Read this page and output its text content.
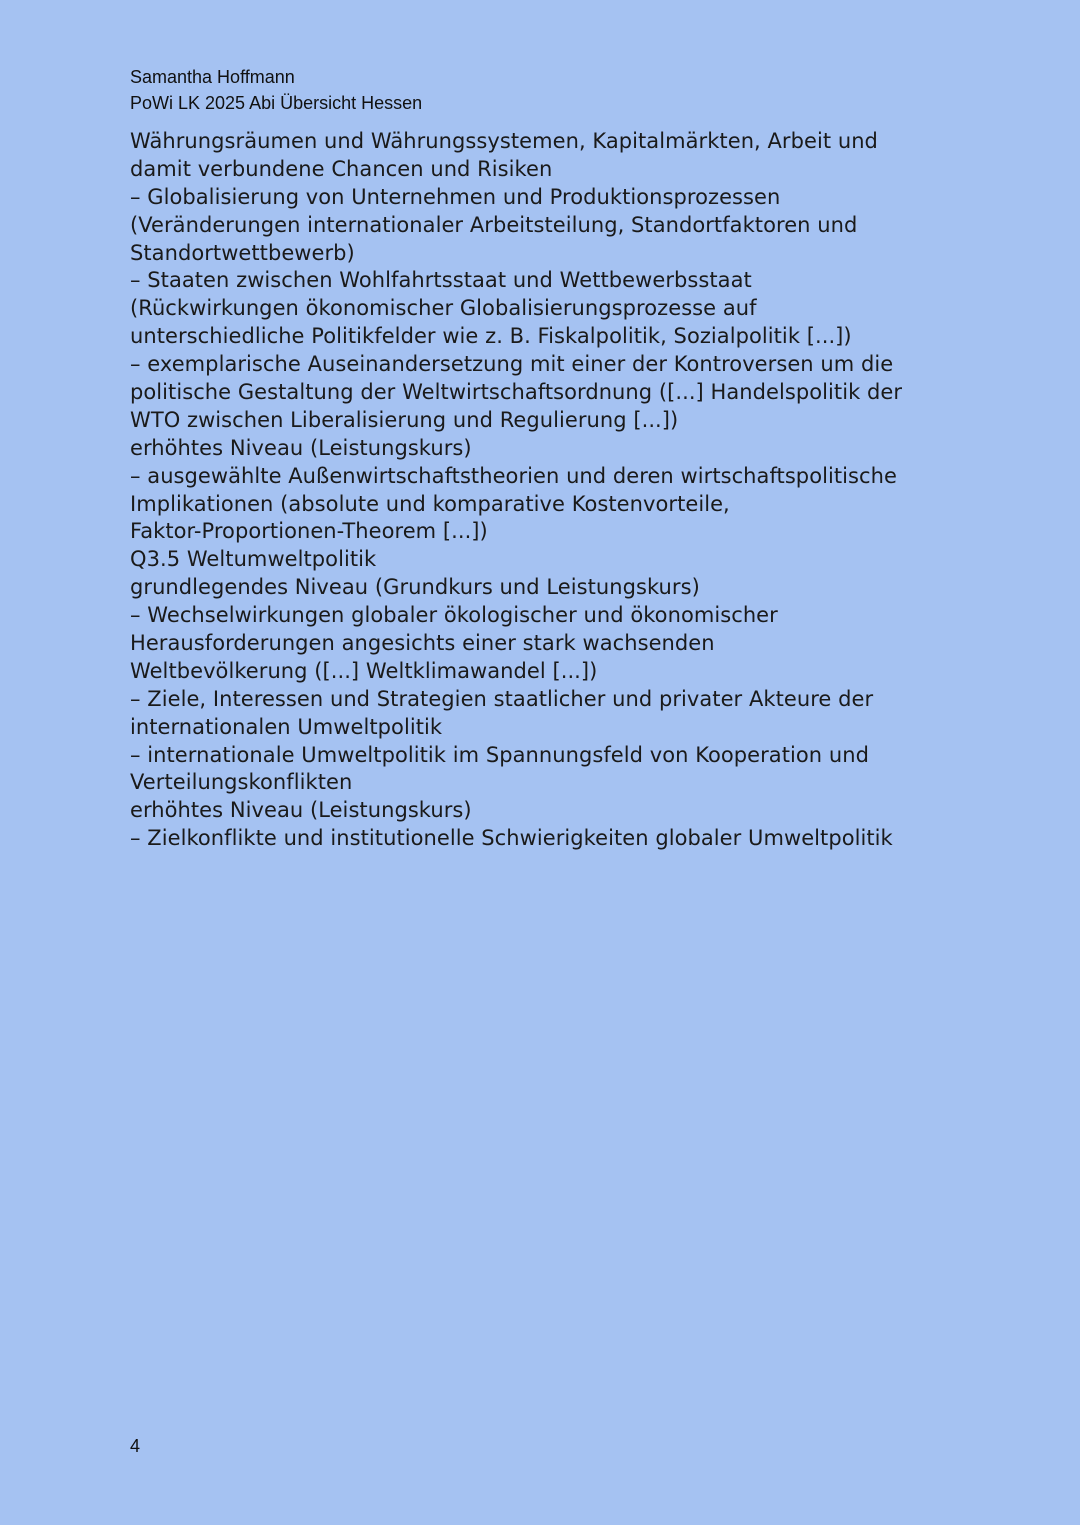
Samantha Hoffmann
PoWi LK 2025 Abi Übersicht Hessen
Währungsräumen und Währungssystemen, Kapitalmärkten, Arbeit und
damit verbundene Chancen und Risiken
– Globalisierung von Unternehmen und Produktionsprozessen
(Veränderungen internationaler Arbeitsteilung, Standortfaktoren und
Standortwettbewerb)
– Staaten zwischen Wohlfahrtsstaat und Wettbewerbsstaat
(Rückwirkungen ökonomischer Globalisierungsprozesse auf
unterschiedliche Politikfelder wie z. B. Fiskalpolitik, Sozialpolitik [...])
– exemplarische Auseinandersetzung mit einer der Kontroversen um die
politische Gestaltung der Weltwirtschaftsordnung ([...] Handelspolitik der
WTO zwischen Liberalisierung und Regulierung [...])
erhöhtes Niveau (Leistungskurs)
– ausgewählte Außenwirtschaftstheorien und deren wirtschaftspolitische
Implikationen (absolute und komparative Kostenvorteile,
Faktor-Proportionen-Theorem [...])
Q3.5 Weltumweltpolitik
grundlegendes Niveau (Grundkurs und Leistungskurs)
– Wechselwirkungen globaler ökologischer und ökonomischer
Herausforderungen angesichts einer stark wachsenden
Weltbevölkerung ([...] Weltklimawandel [...])
– Ziele, Interessen und Strategien staatlicher und privater Akteure der
internationalen Umweltpolitik
– internationale Umweltpolitik im Spannungsfeld von Kooperation und
Verteilungskonflikten
erhöhtes Niveau (Leistungskurs)
– Zielkonflikte und institutionelle Schwierigkeiten globaler Umweltpolitik
4
